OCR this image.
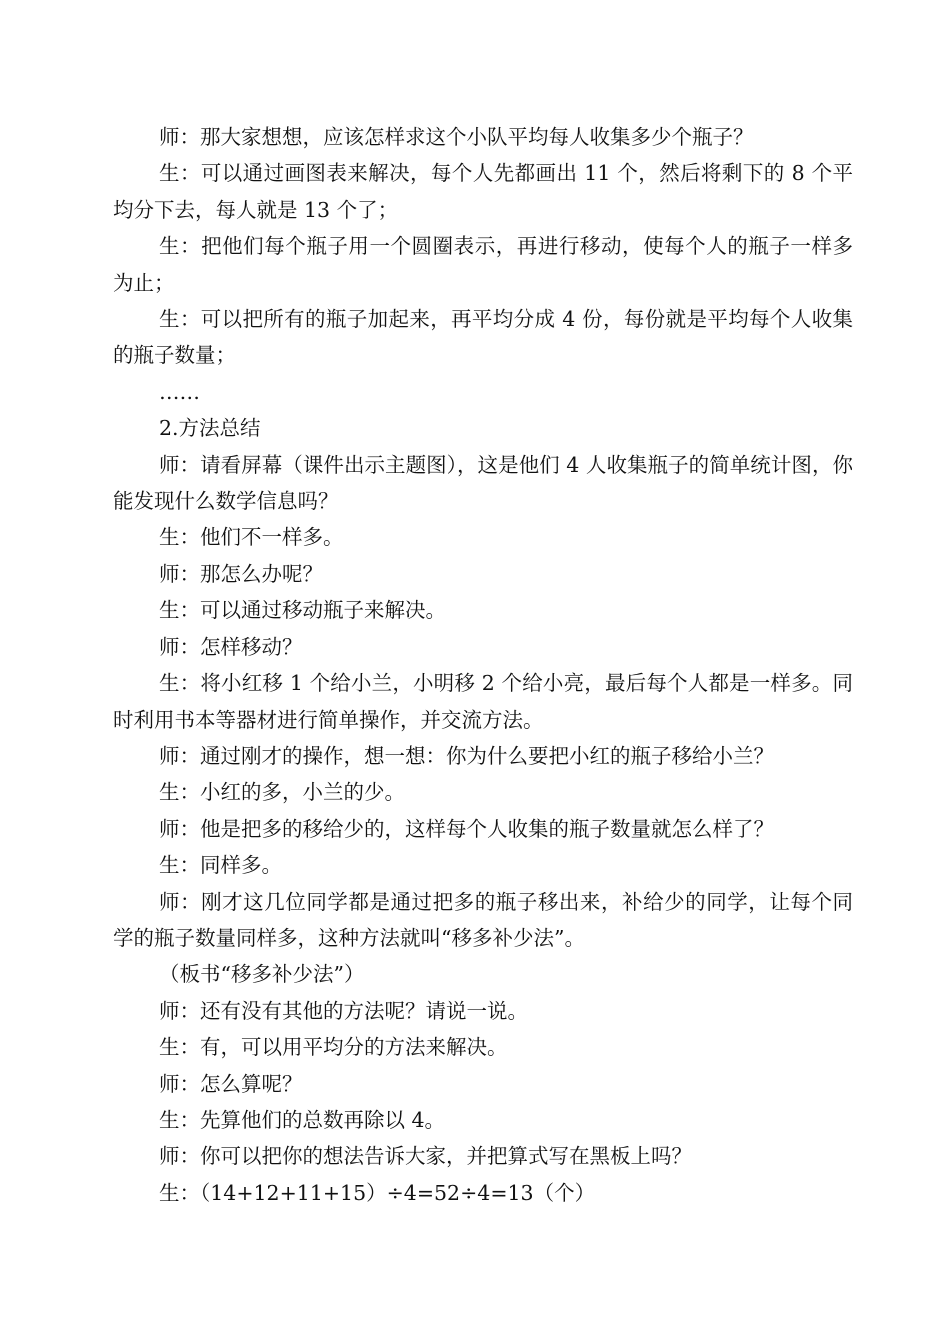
师：那大家想想，应该怎样求这个小队平均每人收集多少个瓶子？

生：可以通过画图表来解决，每个人先都画出 11 个，然后将剩下的 8 个平均分下去，每人就是 13 个了；

生：把他们每个瓶子用一个圆圈表示，再进行移动，使每个人的瓶子一样多为止；

生：可以把所有的瓶子加起来，再平均分成 4 份，每份就是平均每个人收集的瓶子数量；

……

2.方法总结

师：请看屏幕（课件出示主题图），这是他们 4 人收集瓶子的简单统计图，你能发现什么数学信息吗？

生：他们不一样多。

师：那怎么办呢？

生：可以通过移动瓶子来解决。

师：怎样移动？

生：将小红移 1 个给小兰，小明移 2 个给小亮，最后每个人都是一样多。同时利用书本等器材进行简单操作，并交流方法。

师：通过刚才的操作，想一想：你为什么要把小红的瓶子移给小兰？

生：小红的多，小兰的少。

师：他是把多的移给少的，这样每个人收集的瓶子数量就怎么样了？

生：同样多。

师：刚才这几位同学都是通过把多的瓶子移出来，补给少的同学，让每个同学的瓶子数量同样多，这种方法就叫“移多补少法”。

（板书“移多补少法”）

师：还有没有其他的方法呢？请说一说。

生：有，可以用平均分的方法来解决。

师：怎么算呢？

生：先算他们的总数再除以 4。

师：你可以把你的想法告诉大家，并把算式写在黑板上吗？

生：（14+12+11+15）÷4=52÷4=13（个）
